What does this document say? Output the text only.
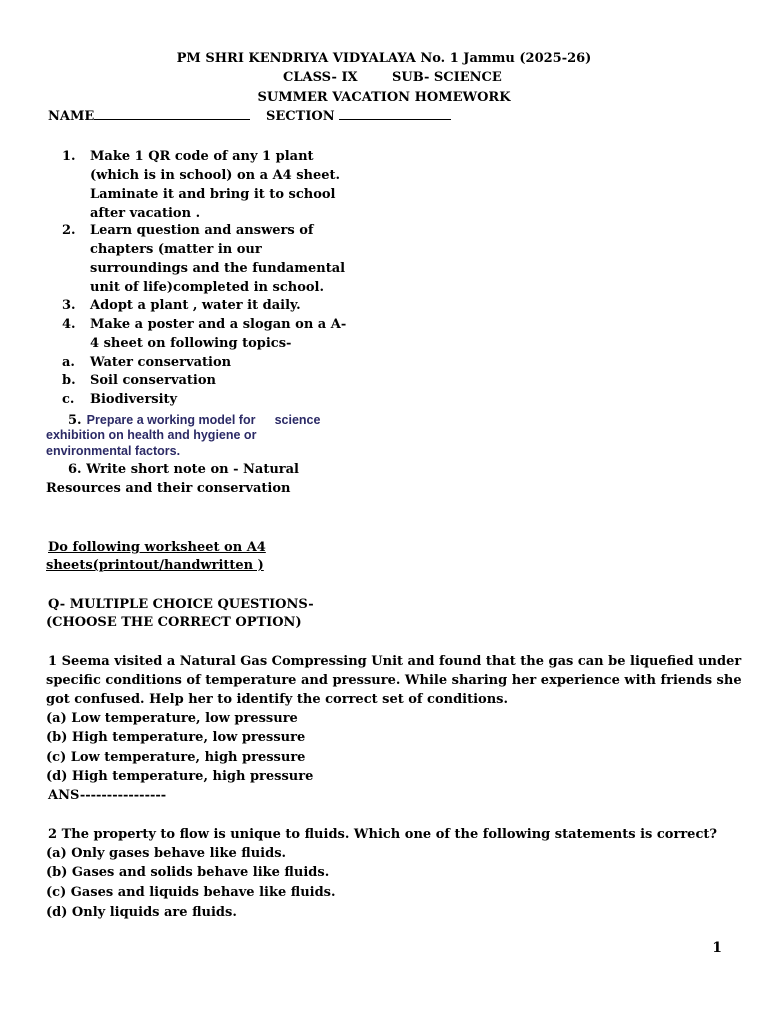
PM SHRI KENDRIYA VIDYALAYA No. 1 Jammu (2025-26)
CLASS- IX	SUB- SCIENCE
SUMMER VACATION HOMEWORK
NAME	SECTION
1.	Make 1 QR code of any 1 plant (which is in school) on a A4 sheet. Laminate it and bring it to school after vacation .
2.	Learn question and answers of chapters (matter in our surroundings and the fundamental unit of life)completed in school.
3.	Adopt a plant , water it daily.
4.	Make a poster and a slogan on a A-4 sheet on following topics-
a.	Water conservation
b.	Soil conservation
c.	Biodiversity
5. Prepare a working model for science
exhibition on health and hygiene or
environmental factors.
6. Write short note on - Natural
Resources and their conservation
Do following worksheet on A4
sheets(printout/handwritten )
Q- MULTIPLE CHOICE QUESTIONS-
(CHOOSE THE CORRECT OPTION)
1 Seema visited a Natural Gas Compressing Unit and found that the gas can be liquefied under
specific conditions of temperature and pressure. While sharing her experience with friends she
got confused. Help her to identify the correct set of conditions.
(a) Low temperature, low pressure
(b) High temperature, low pressure
(c) Low temperature, high pressure
(d) High temperature, high pressure
ANS----------------
2 The property to flow is unique to fluids. Which one of the following statements is correct?
(a) Only gases behave like fluids.
(b) Gases and solids behave like fluids.
(c) Gases and liquids behave like fluids.
(d) Only liquids are fluids.
1
